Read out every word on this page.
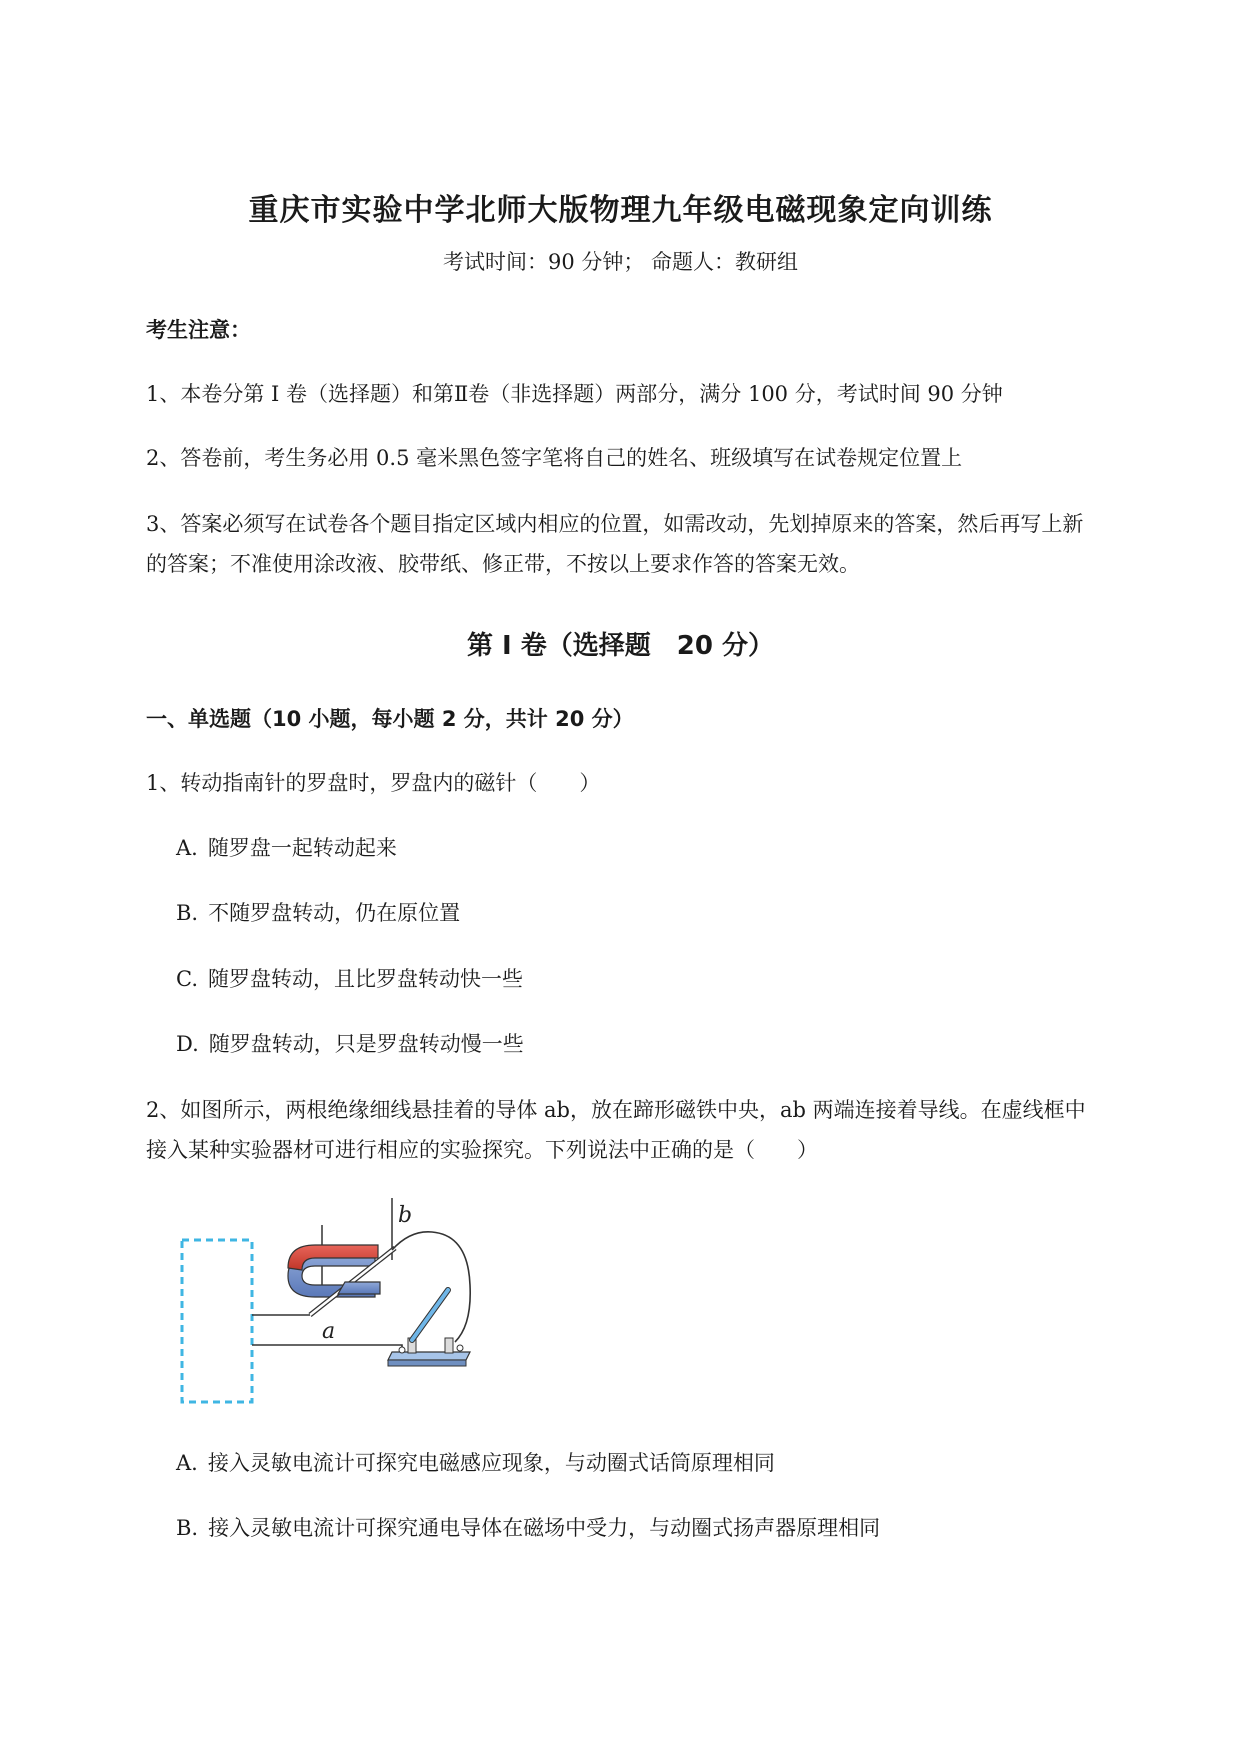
重庆市实验中学北师大版物理九年级电磁现象定向训练
考试时间：90 分钟； 命题人：教研组
考生注意：
1、本卷分第 I 卷（选择题）和第Ⅱ卷（非选择题）两部分，满分 100 分，考试时间 90 分钟
2、答卷前，考生务必用 0.5 毫米黑色签字笔将自己的姓名、班级填写在试卷规定位置上
3、答案必须写在试卷各个题目指定区域内相应的位置，如需改动，先划掉原来的答案，然后再写上新
的答案；不准使用涂改液、胶带纸、修正带，不按以上要求作答的答案无效。
第 I 卷（选择题　20 分）
一、单选题（10 小题，每小题 2 分，共计 20 分）
1、转动指南针的罗盘时，罗盘内的磁针（　　）
A. 随罗盘一起转动起来
B. 不随罗盘转动，仍在原位置
C. 随罗盘转动，且比罗盘转动快一些
D. 随罗盘转动，只是罗盘转动慢一些
2、如图所示，两根绝缘细线悬挂着的导体 ab，放在蹄形磁铁中央，ab 两端连接着导线。在虚线框中
接入某种实验器材可进行相应的实验探究。下列说法中正确的是（　　）
b
a
A. 接入灵敏电流计可探究电磁感应现象，与动圈式话筒原理相同
B. 接入灵敏电流计可探究通电导体在磁场中受力，与动圈式扬声器原理相同
